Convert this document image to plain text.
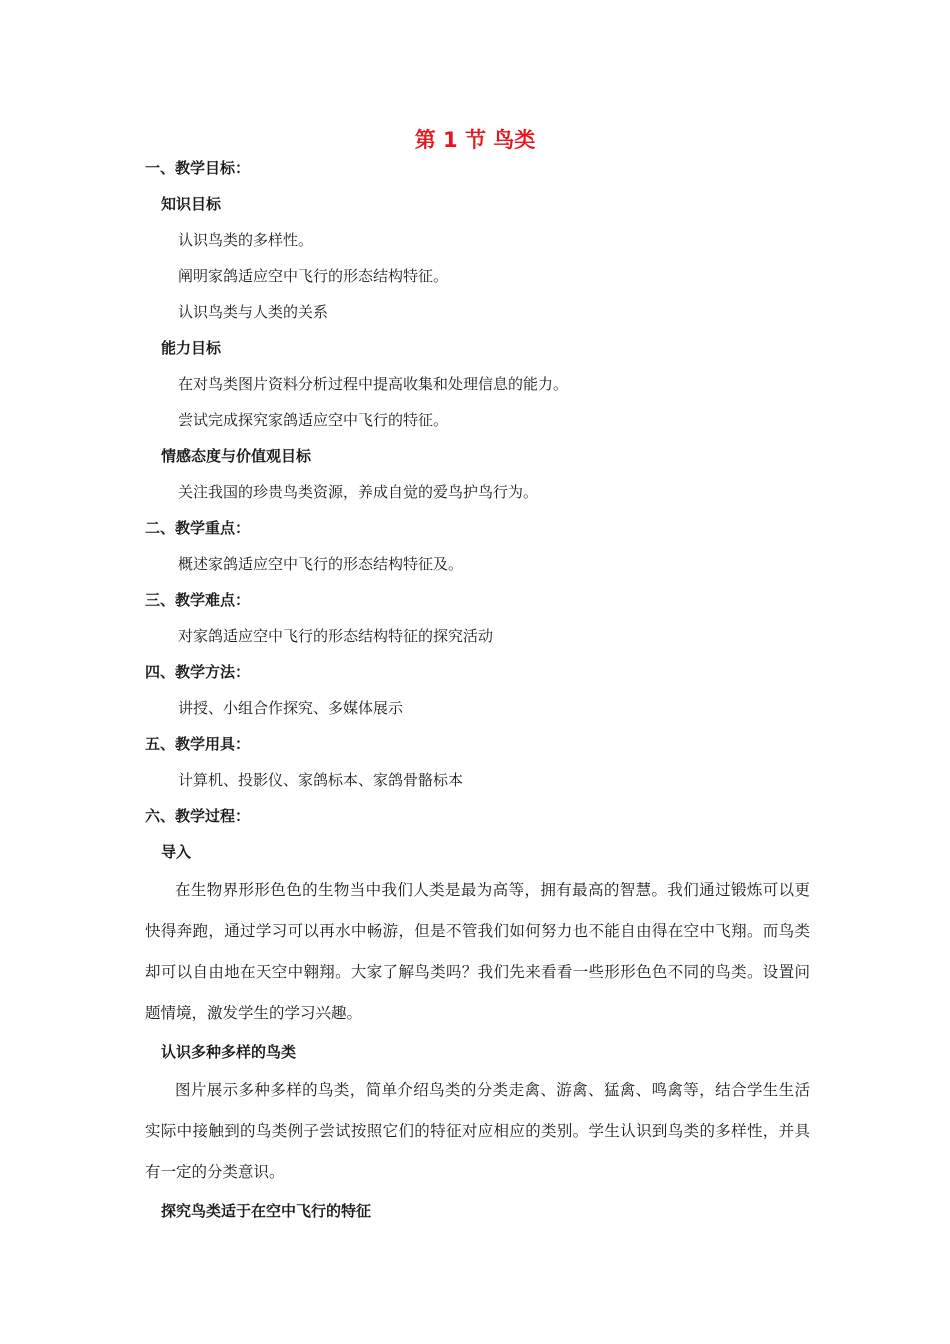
第 1 节 鸟类
一、教学目标：
知识目标
认识鸟类的多样性。
阐明家鸽适应空中飞行的形态结构特征。
认识鸟类与人类的关系
能力目标
在对鸟类图片资料分析过程中提高收集和处理信息的能力。
尝试完成探究家鸽适应空中飞行的特征。
情感态度与价值观目标
关注我国的珍贵鸟类资源，养成自觉的爱鸟护鸟行为。
二、教学重点：
概述家鸽适应空中飞行的形态结构特征及。
三、教学难点：
对家鸽适应空中飞行的形态结构特征的探究活动
四、教学方法：
讲授、小组合作探究、多媒体展示
五、教学用具：
计算机、投影仪、家鸽标本、家鸽骨骼标本
六、教学过程：
导入
在生物界形形色色的生物当中我们人类是最为高等，拥有最高的智慧。我们通过锻炼可以更快得奔跑，通过学习可以再水中畅游，但是不管我们如何努力也不能自由得在空中飞翔。而鸟类却可以自由地在天空中翱翔。大家了解鸟类吗？我们先来看看一些形形色色不同的鸟类。设置问题情境，激发学生的学习兴趣。
认识多种多样的鸟类
图片展示多种多样的鸟类，简单介绍鸟类的分类走禽、游禽、猛禽、鸣禽等，结合学生生活实际中接触到的鸟类例子尝试按照它们的特征对应相应的类别。学生认识到鸟类的多样性，并具有一定的分类意识。
探究鸟类适于在空中飞行的特征
